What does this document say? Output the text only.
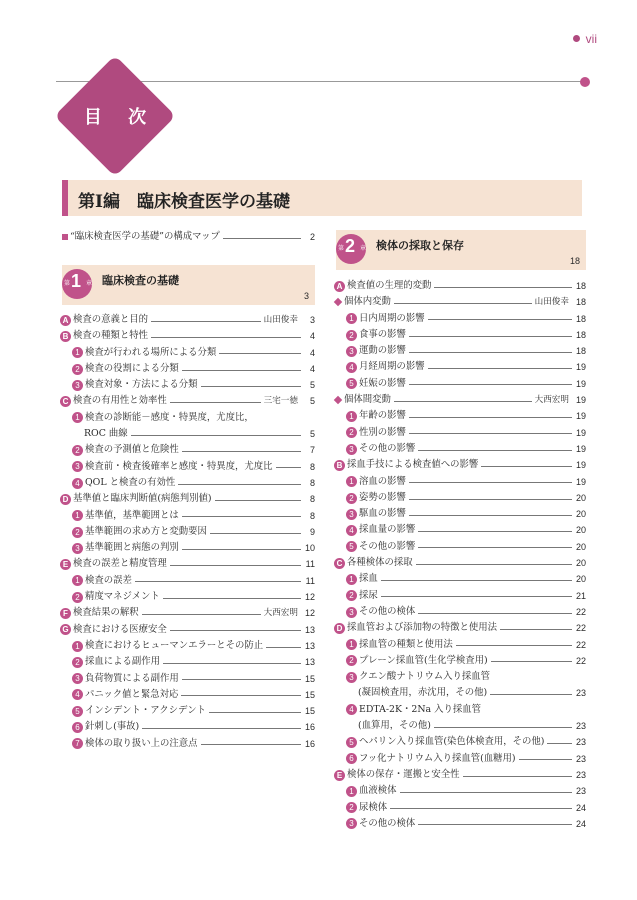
vii
目 次
第Ⅰ編　臨床検査医学の基礎
“臨床検査医学の基礎”の構成マップ	2
第 1 章 臨床検査の基礎
3
A 検査の意義と目的	山田俊幸	3
B 検査の種類と特性	4
1 検査が行われる場所による分類	4
2 検査の役割による分類	4
3 検査対象・方法による分類	5
C 検査の有用性と効率性	三宅一徳	5
1 検査の診断能－感度・特異度，尤度比，
ROC 曲線	5
2 検査の予測値と危険性	7
3 検査前・検査後確率と感度・特異度，尤度比	8
4 QOL と検査の有効性	8
D 基準値と臨床判断値(病態判別値)	8
1 基準値，基準範囲とは	8
2 基準範囲の求め方と変動要因	9
3 基準範囲と病態の判別	10
E 検査の誤差と精度管理	11
1 検査の誤差	11
2 精度マネジメント	12
F 検査結果の解釈	大西宏明 12
G 検査における医療安全	13
1 検査におけるヒューマンエラーとその防止	13
2 採血による副作用	13
3 負荷物質による副作用	15
4 パニック値と緊急対応	15
5 インシデント・アクシデント	15
6 針刺し(事故)	16
7 検体の取り扱い上の注意点	16
第 2 章 検体の採取と保存
18
A 検査値の生理的変動	18
個体内変動	山田俊幸 18
1 日内周期の影響	18
2 食事の影響	18
3 運動の影響	18
4 月経周期の影響	19
5 妊娠の影響	19
個体間変動	大西宏明 19
1 年齢の影響	19
2 性別の影響	19
3 その他の影響	19
B 採血手技による検査値への影響	19
1 溶血の影響	19
2 姿勢の影響	20
3 駆血の影響	20
4 採血量の影響	20
5 その他の影響	20
C 各種検体の採取	20
1 採血	20
2 採尿	21
3 その他の検体	22
D 採血管および添加物の特徴と使用法	22
1 採血管の種類と使用法	22
2 プレーン採血管(生化学検査用)	22
3 クエン酸ナトリウム入り採血管
(凝固検査用，赤沈用，その他)	23
4 EDTA-2K・2Na 入り採血管
(血算用，その他)	23
5 ヘパリン入り採血管(染色体検査用，その他)	23
6 フッ化ナトリウム入り採血管(血糖用)	23
E 検体の保存・運搬と安全性	23
1 血液検体	23
2 尿検体	24
3 その他の検体	24
